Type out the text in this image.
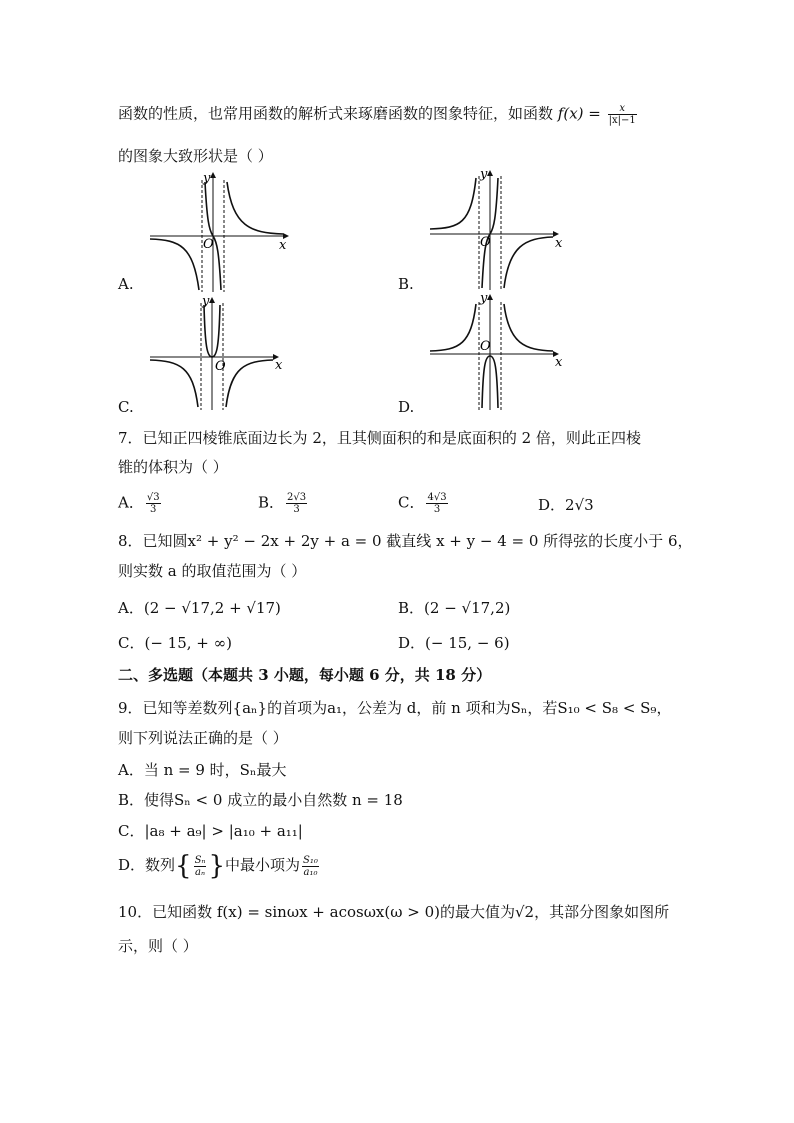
函数的性质，也常用函数的解析式来琢磨函数的图象特征，如函数 $f(x) = \frac{x}{|x|-1}$
的图象大致形状是（ ）
O	x
y
A.
O	x
y
B.
O	x
y
C.
O
x
y
D.
7．已知正四棱锥底面边长为 2，且其侧面积的和是底面积的 2 倍，则此正四棱
锥的体积为（ ）
A． $\frac{√3}{3}$	B． $\frac{2√3}{3}$	C． $\frac{4√3}{3}$	D．2√3
8．已知圆x² + y² − 2x + 2y + a = 0 截直线 x + y − 4 = 0 所得弦的长度小于 6，
则实数 a 的取值范围为（ ）
A．(2 − √17,2 + √17)	B．(2 − √17,2)
C．(− 15, + ∞)	D．(− 15, − 6)
二、多选题（本题共 3 小题，每小题 6 分，共 18 分）
9．已知等差数列{aₙ}的首项为a₁，公差为 d，前 n 项和为Sₙ，若S₁₀ < S₈ < S₉，
则下列说法正确的是（ ）
A．当 n = 9 时，Sₙ最大
B．使得Sₙ < 0 成立的最小自然数 n = 18
C．|a₈ + a₉| > |a₁₀ + a₁₁|
D．数列{ $\frac{\text{Sₙ}}{\text{aₙ}}$ }中最小项为 $\frac{\text{S₁₀}}{\text{a₁₀}}$
10．已知函数 f(x) = sinωx + acosωx(ω > 0)的最大值为√2，其部分图象如图所
示，则（ ）
